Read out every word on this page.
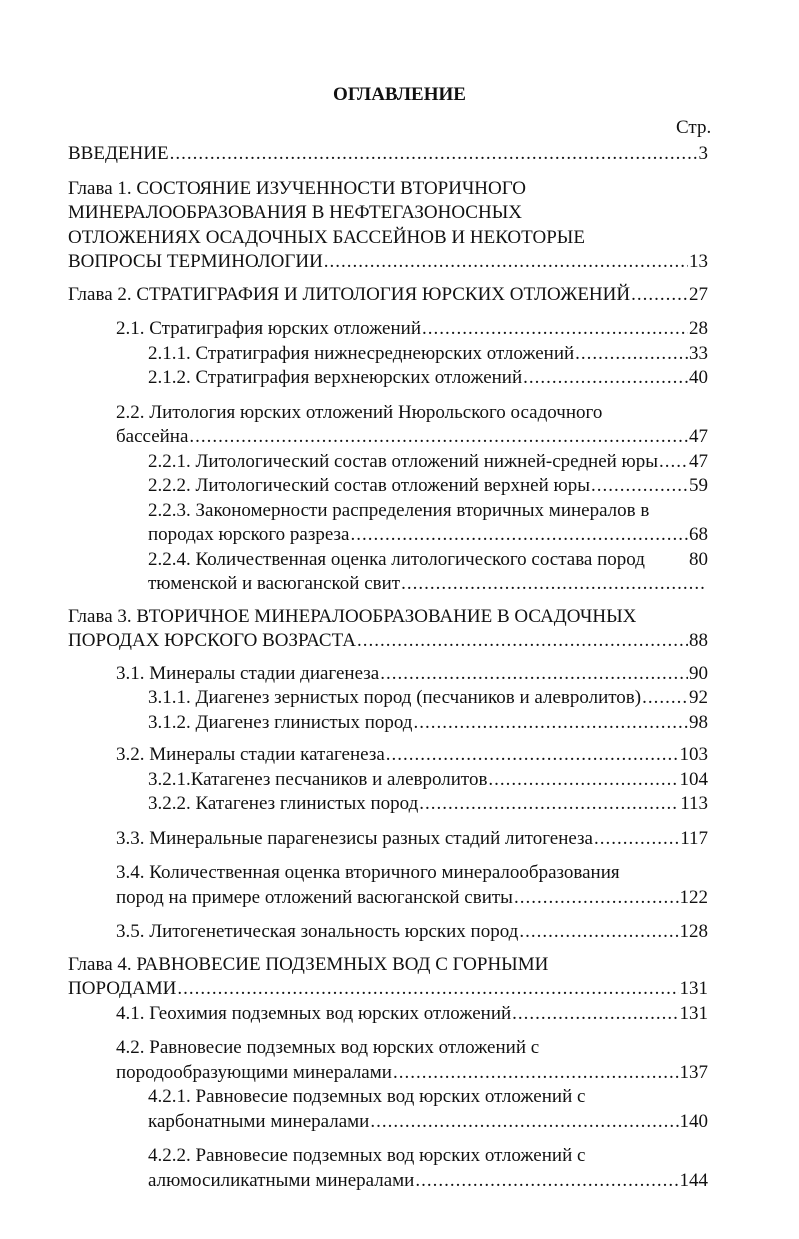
ОГЛАВЛЕНИЕ
Стр.
ВВЕДЕНИЕ .....	3
Глава 1. СОСТОЯНИЕ ИЗУЧЕННОСТИ ВТОРИЧНОГО
МИНЕРАЛООБРАЗОВАНИЯ В НЕФТЕГАЗОНОСНЫХ
ОТЛОЖЕНИЯХ ОСАДОЧНЫХ БАССЕЙНОВ И НЕКОТОРЫЕ
ВОПРОСЫ ТЕРМИНОЛОГИИ .....	13
Глава 2. СТРАТИГРАФИЯ И ЛИТОЛОГИЯ ЮРСКИХ ОТЛОЖЕНИЙ .....	27
2.1. Стратиграфия юрских отложений .....	28
2.1.1. Стратиграфия нижнесреднеюрских отложений .....	33
2.1.2. Стратиграфия верхнеюрских отложений .....	40
2.2. Литология юрских отложений Нюрольского осадочного
бассейна .....	47
2.2.1. Литологический состав отложений нижней-средней юры ..... 47
2.2.2. Литологический состав отложений верхней юры .....	59
2.2.3. Закономерности распределения вторичных минералов в
породах юрского разреза .....	68
2.2.4. Количественная оценка литологического состава пород 80
тюменской и васюганской свит
.....
Глава 3. ВТОРИЧНОЕ МИНЕРАЛООБРАЗОВАНИЕ В ОСАДОЧНЫХ
ПОРОДАХ ЮРСКОГО ВОЗРАСТА .....	88
3.1. Минералы стадии диагенеза .....	90
3.1.1. Диагенез зернистых пород (песчаников и алевролитов) .....	92
3.1.2. Диагенез глинистых пород .....	98
3.2. Минералы стадии катагенеза .....	103
3.2.1.Катагенез песчаников и алевролитов .....	104
3.2.2. Катагенез глинистых пород .....	113
3.3. Минеральные парагенезисы разных стадий литогенеза .....	117
3.4. Количественная оценка вторичного минералообразования
пород на примере отложений васюганской свиты .....	122
3.5. Литогенетическая зональность юрских пород .....	128
Глава 4. РАВНОВЕСИЕ ПОДЗЕМНЫХ ВОД С ГОРНЫМИ
ПОРОДАМИ .....	131
4.1. Геохимия подземных вод юрских отложений .....	131
4.2. Равновесие подземных вод юрских отложений с
породообразующими минералами .....	137
4.2.1. Равновесие подземных вод юрских отложений с
карбонатными минералами .....	140
4.2.2. Равновесие подземных вод юрских отложений с
алюмосиликатными минералами .....	144
